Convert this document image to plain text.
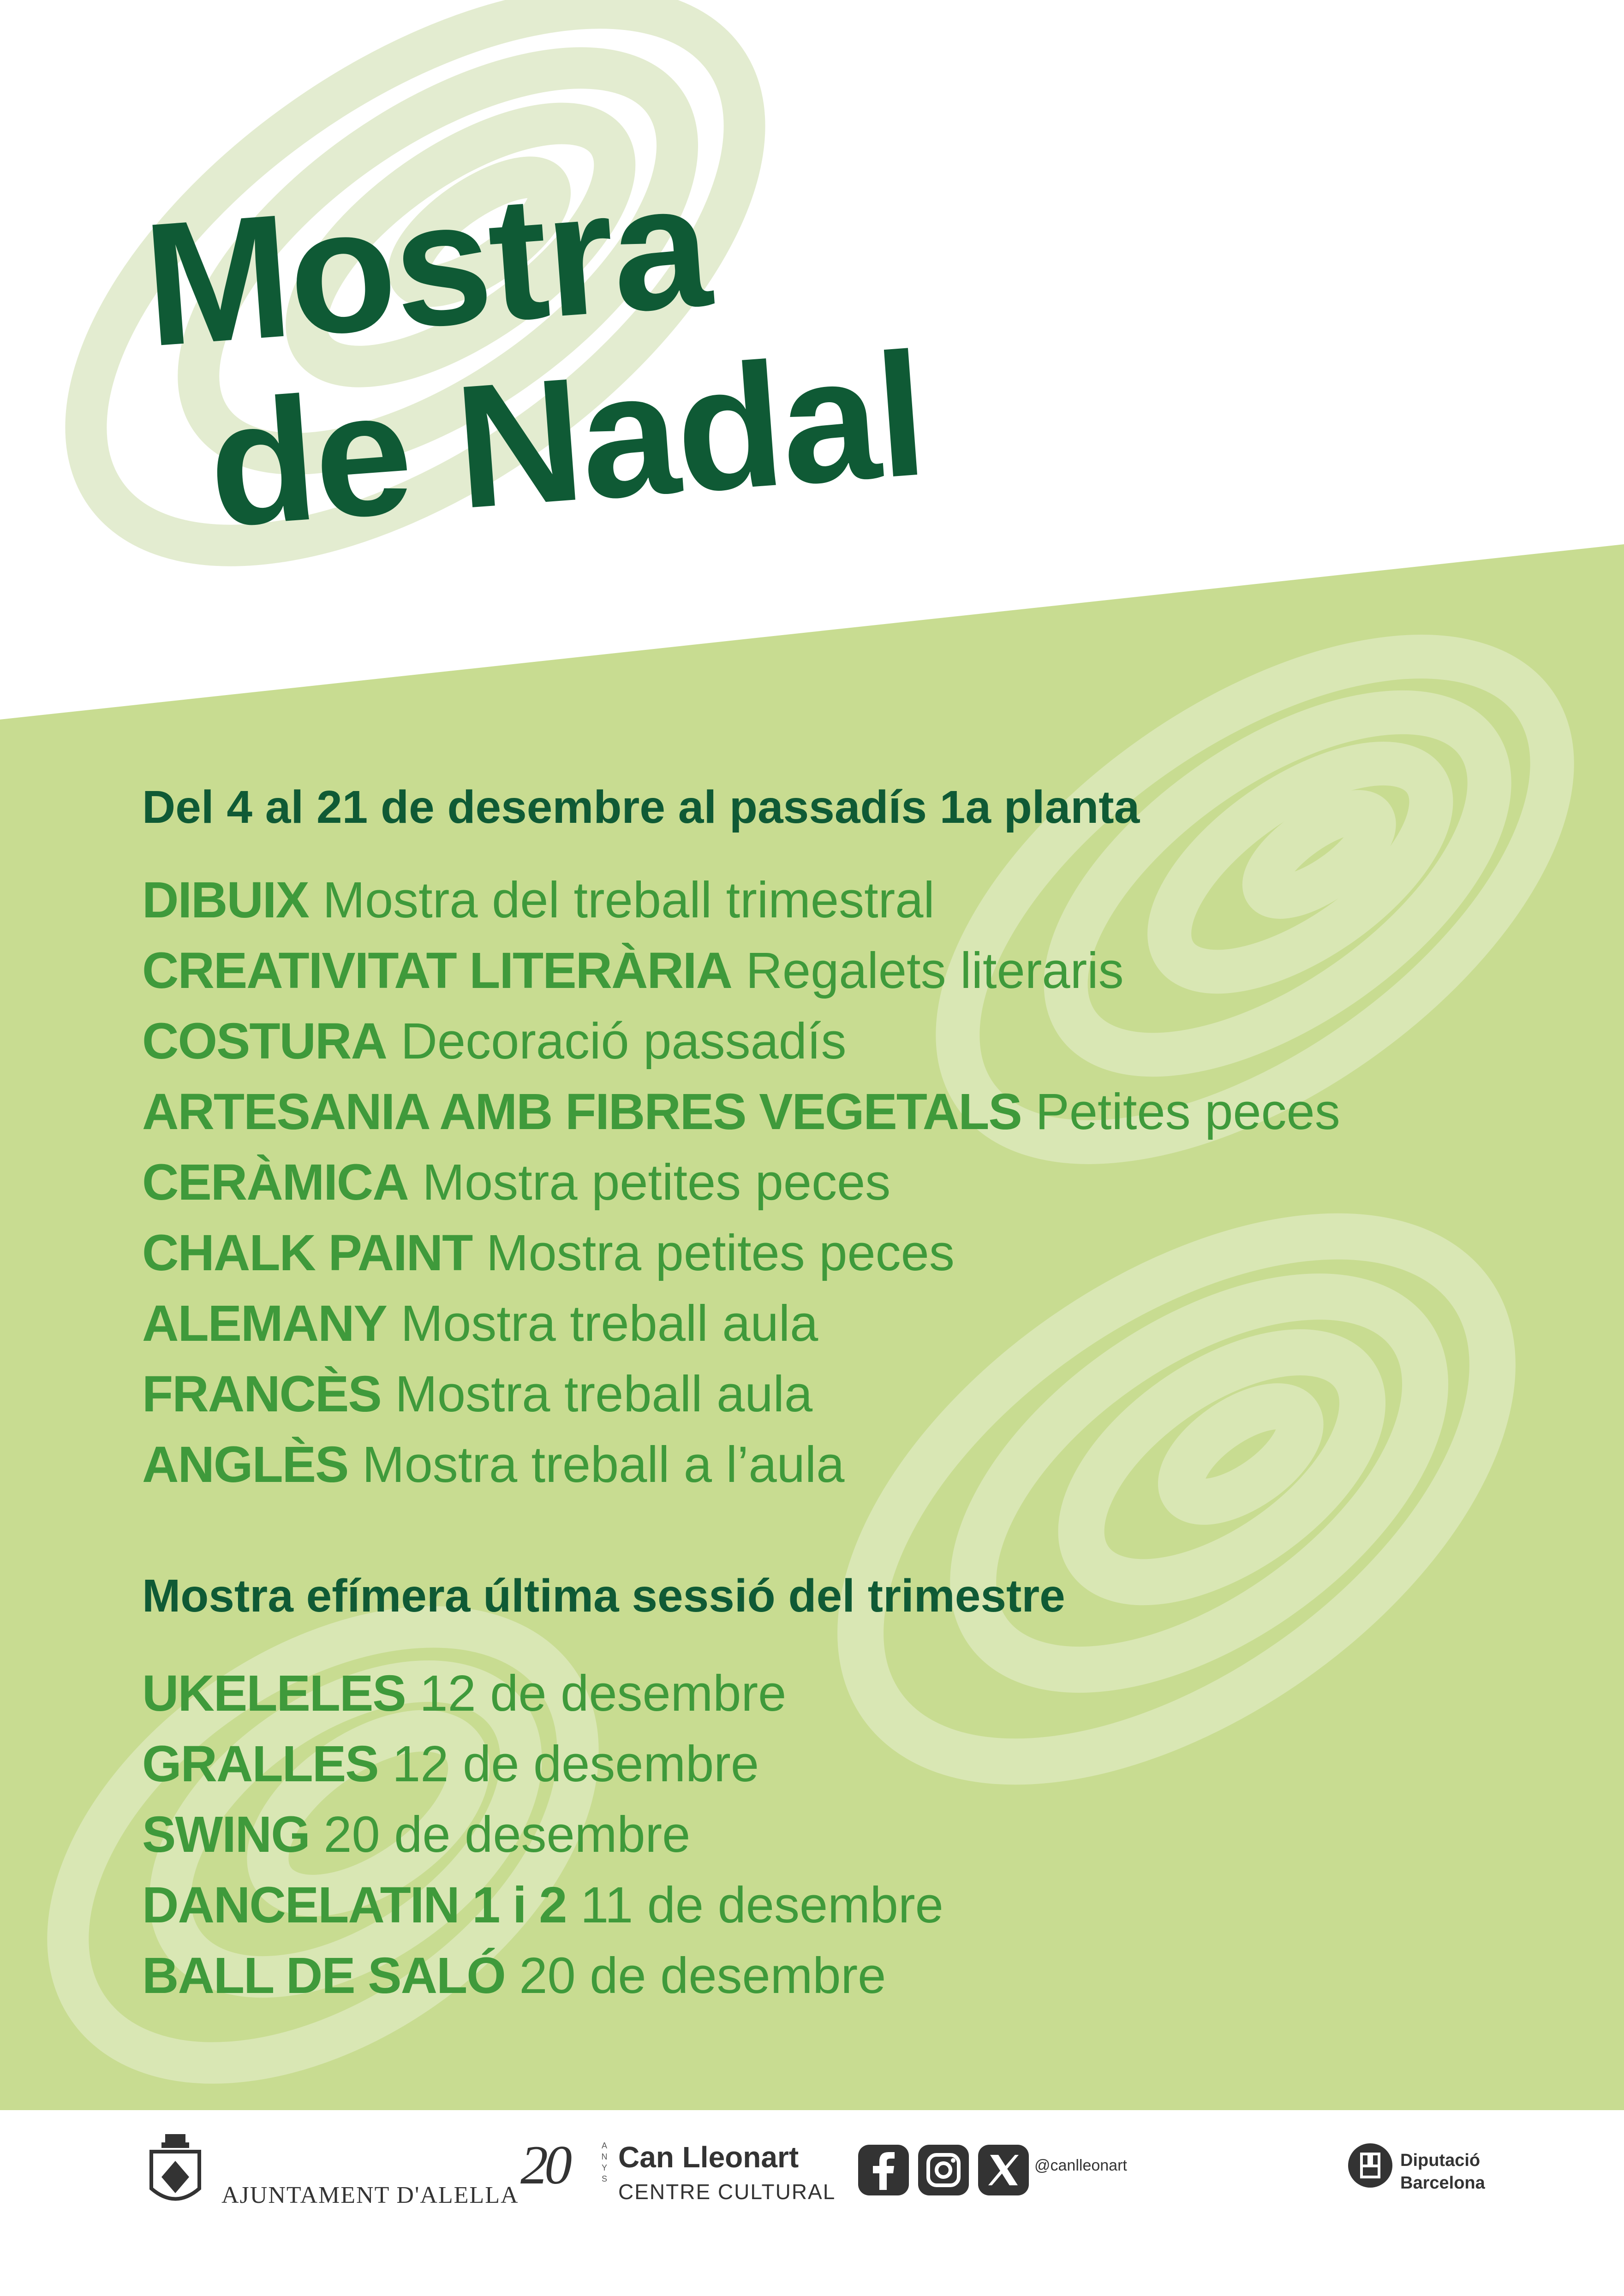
Mostra
de Nadal
Del 4 al 21 de desembre al passadís 1a planta
DIBUIX Mostra del treball trimestral
CREATIVITAT LITERÀRIA Regalets literaris
COSTURA Decoració passadís
ARTESANIA AMB FIBRES VEGETALS Petites peces
CERÀMICA Mostra petites peces
CHALK PAINT Mostra petites peces
ALEMANY Mostra treball aula
FRANCÈS Mostra treball aula
ANGLÈS Mostra treball a l’aula
Mostra efímera última sessió del trimestre
UKELELES 12 de desembre
GRALLES 12 de desembre
SWING 20 de desembre
DANCELATIN 1 i 2 11 de desembre
BALL DE SALÓ 20 de desembre
AJUNTAMENT D'ALELLA 20	A
N
Y
S
Can Lleonart
CENTRE CULTURAL
@canlleonart	Diputació
Barcelona
